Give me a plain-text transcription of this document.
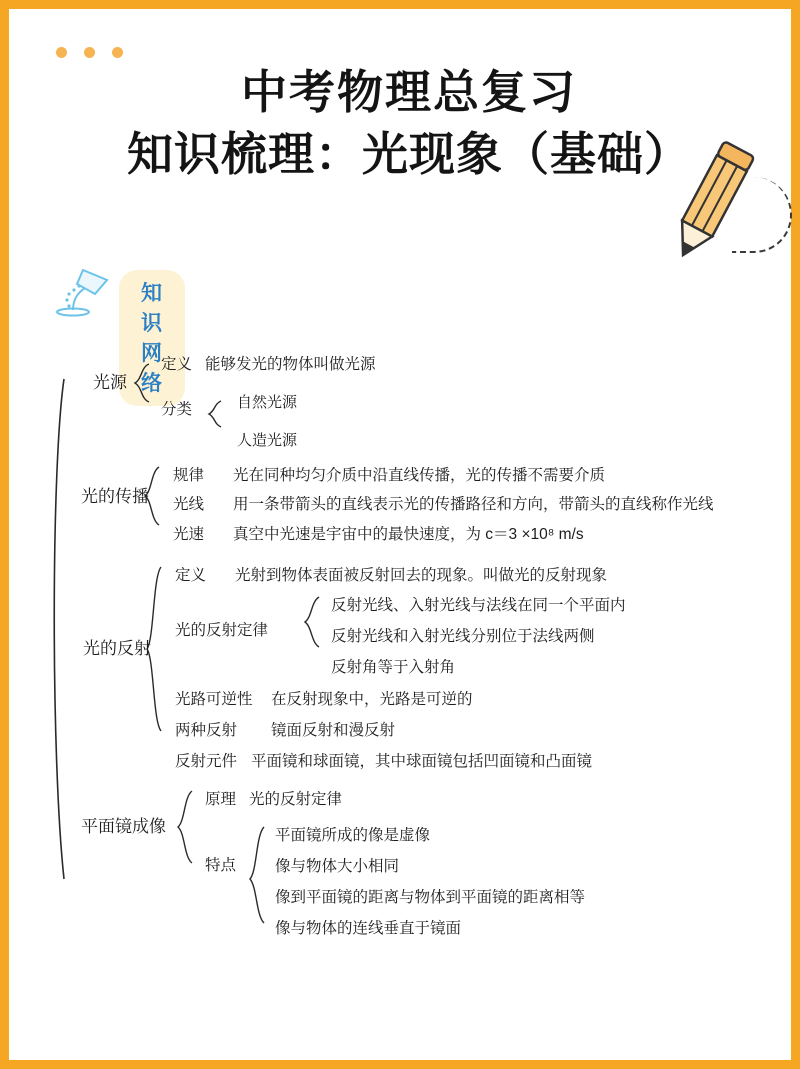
中考物理总复习
知识梳理：光现象（基础）
知识网络
光源
定义 能够发光的物体叫做光源
分类	自然光源
人造光源
光的传播
规律 光在同种均匀介质中沿直线传播，光的传播不需要介质
光线 用一条带箭头的直线表示光的传播路径和方向，带箭头的直线称作光线
光速 真空中光速是宇宙中的最快速度，为 c＝3 ×10⁸ m/s
光的反射
定义 光射到物体表面被反射回去的现象。叫做光的反射现象
光的反射定律
反射光线、入射光线与法线在同一个平面内
反射光线和入射光线分别位于法线两侧
反射角等于入射角
光路可逆性 在反射现象中，光路是可逆的
两种反射 镜面反射和漫反射
反射元件 平面镜和球面镜，其中球面镜包括凹面镜和凸面镜
平面镜成像
原理 光的反射定律
特点
平面镜所成的像是虚像
像与物体大小相同
像到平面镜的距离与物体到平面镜的距离相等
像与物体的连线垂直于镜面
